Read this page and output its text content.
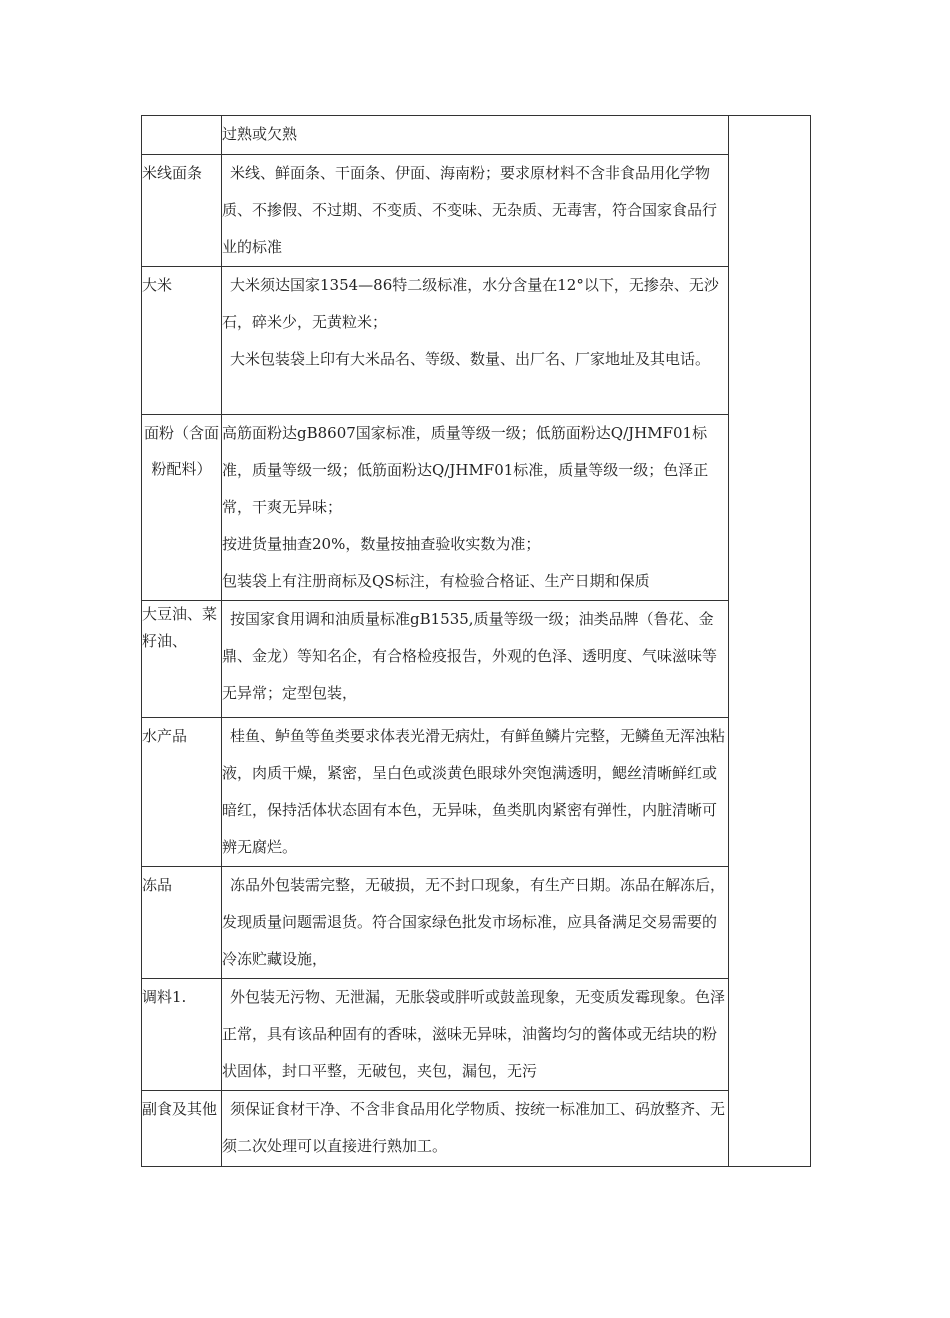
	过熟或欠熟	

米线面条	米线、鲜面条、干面条、伊面、海南粉；要求原材料不含非食品用化学物质、不掺假、不过期、不变质、不变味、无杂质、无毒害，符合国家食品行业的标准	

大米	大米须达国家1354—86特二级标准，水分含量在12°以下，无掺杂、无沙石，碎米少，无黄粒米；

大米包装袋上印有大米品名、等级、数量、出厂名、厂家地址及其电话。	

面粉（含面粉配料）	高筋面粉达gB8607国家标准，质量等级一级；低筋面粉达Q/JHMF01标准，质量等级一级；低筋面粉达Q/JHMF01标准，质量等级一级；色泽正常，干爽无异味；

按进货量抽查20%，数量按抽查验收实数为准；

包装袋上有注册商标及QS标注，有检验合格证、生产日期和保质	

大豆油、菜籽油、	按国家食用调和油质量标准gB1535,质量等级一级；油类品牌（鲁花、金鼎、金龙）等知名企，有合格检疫报告，外观的色泽、透明度、气味滋味等无异常；定型包装，	

水产品	桂鱼、鲈鱼等鱼类要求体表光滑无病灶，有鲜鱼鳞片完整，无鳞鱼无浑浊粘液，肉质干燥，紧密，呈白色或淡黄色眼球外突饱满透明，鳃丝清晰鲜红或暗红，保持活体状态固有本色，无异味，鱼类肌肉紧密有弹性，内脏清晰可辨无腐烂。	

冻品	冻品外包装需完整，无破损，无不封口现象，有生产日期。冻品在解冻后，发现质量问题需退货。符合国家绿色批发市场标准，应具备满足交易需要的冷冻贮藏设施，	

调料1.	外包装无污物、无泄漏，无胀袋或胖听或鼓盖现象，无变质发霉现象。色泽正常，具有该品种固有的香味，滋味无异味，油酱均匀的酱体或无结块的粉状固体，封口平整，无破包，夹包，漏包，无污	

副食及其他	须保证食材干净、不含非食品用化学物质、按统一标准加工、码放整齐、无须二次处理可以直接进行熟加工。	
